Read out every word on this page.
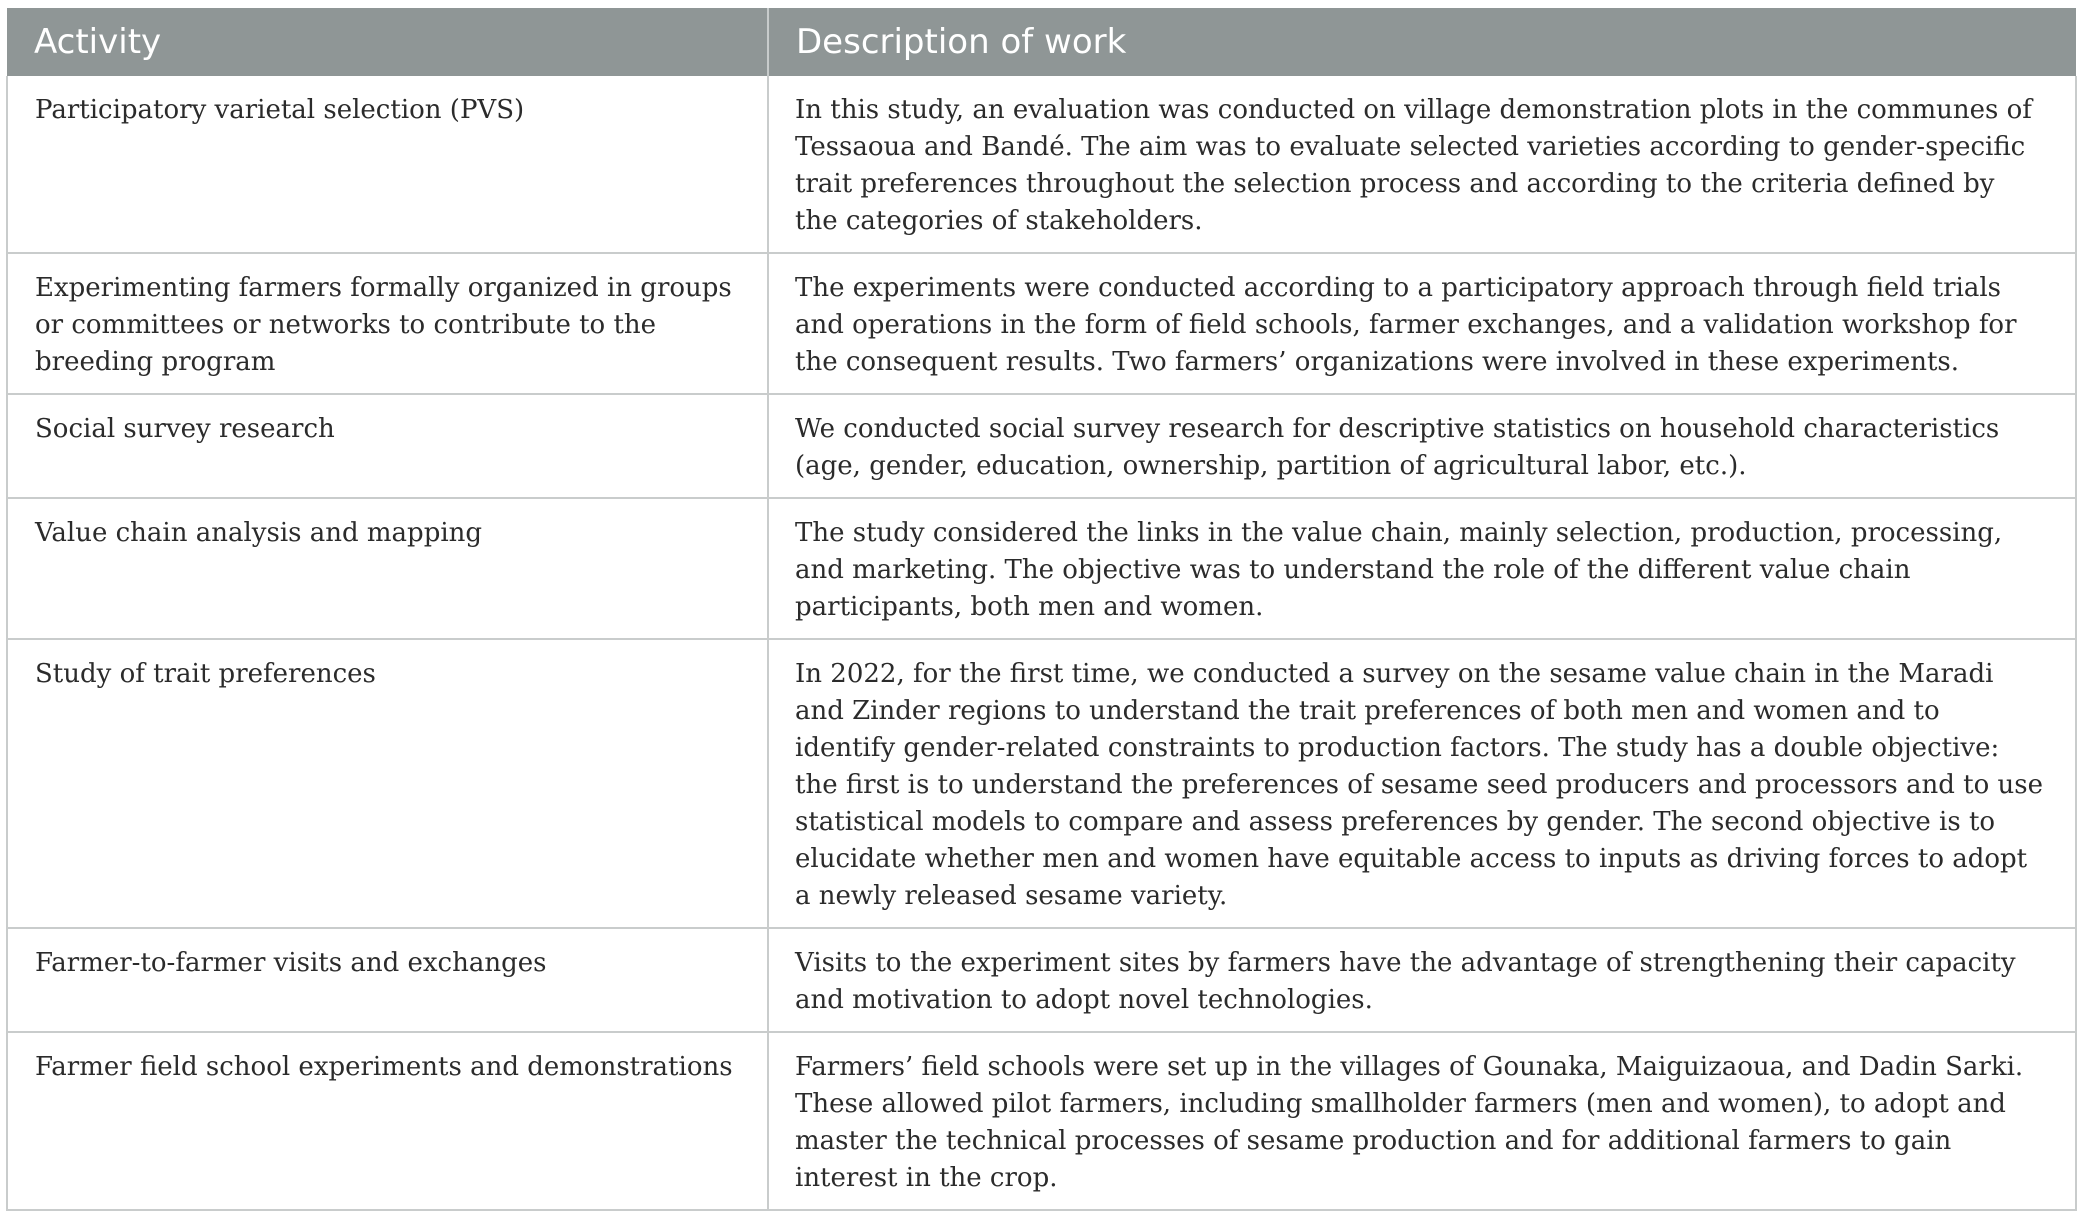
Activity	Description of work
Participatory varietal selection (PVS)	In this study, an evaluation was conducted on village demonstration plots in the communes of Tessaoua and Bandé. The aim was to evaluate selected varieties according to gender-specific trait preferences throughout the selection process and according to the criteria defined by the categories of stakeholders.
Experimenting farmers formally organized in groups or committees or networks to contribute to the breeding program	The experiments were conducted according to a participatory approach through field trials and operations in the form of field schools, farmer exchanges, and a validation workshop for the consequent results. Two farmers’ organizations were involved in these experiments.
Social survey research	We conducted social survey research for descriptive statistics on household characteristics (age, gender, education, ownership, partition of agricultural labor, etc.).
Value chain analysis and mapping	The study considered the links in the value chain, mainly selection, production, processing, and marketing. The objective was to understand the role of the different value chain participants, both men and women.
Study of trait preferences	In 2022, for the first time, we conducted a survey on the sesame value chain in the Maradi and Zinder regions to understand the trait preferences of both men and women and to identify gender-related constraints to production factors. The study has a double objective: the first is to understand the preferences of sesame seed producers and processors and to use statistical models to compare and assess preferences by gender. The second objective is to elucidate whether men and women have equitable access to inputs as driving forces to adopt a newly released sesame variety.
Farmer-to-farmer visits and exchanges	Visits to the experiment sites by farmers have the advantage of strengthening their capacity and motivation to adopt novel technologies.
Farmer field school experiments and demonstrations	Farmers’ field schools were set up in the villages of Gounaka, Maiguizaoua, and Dadin Sarki. These allowed pilot farmers, including smallholder farmers (men and women), to adopt and master the technical processes of sesame production and for additional farmers to gain interest in the crop.
